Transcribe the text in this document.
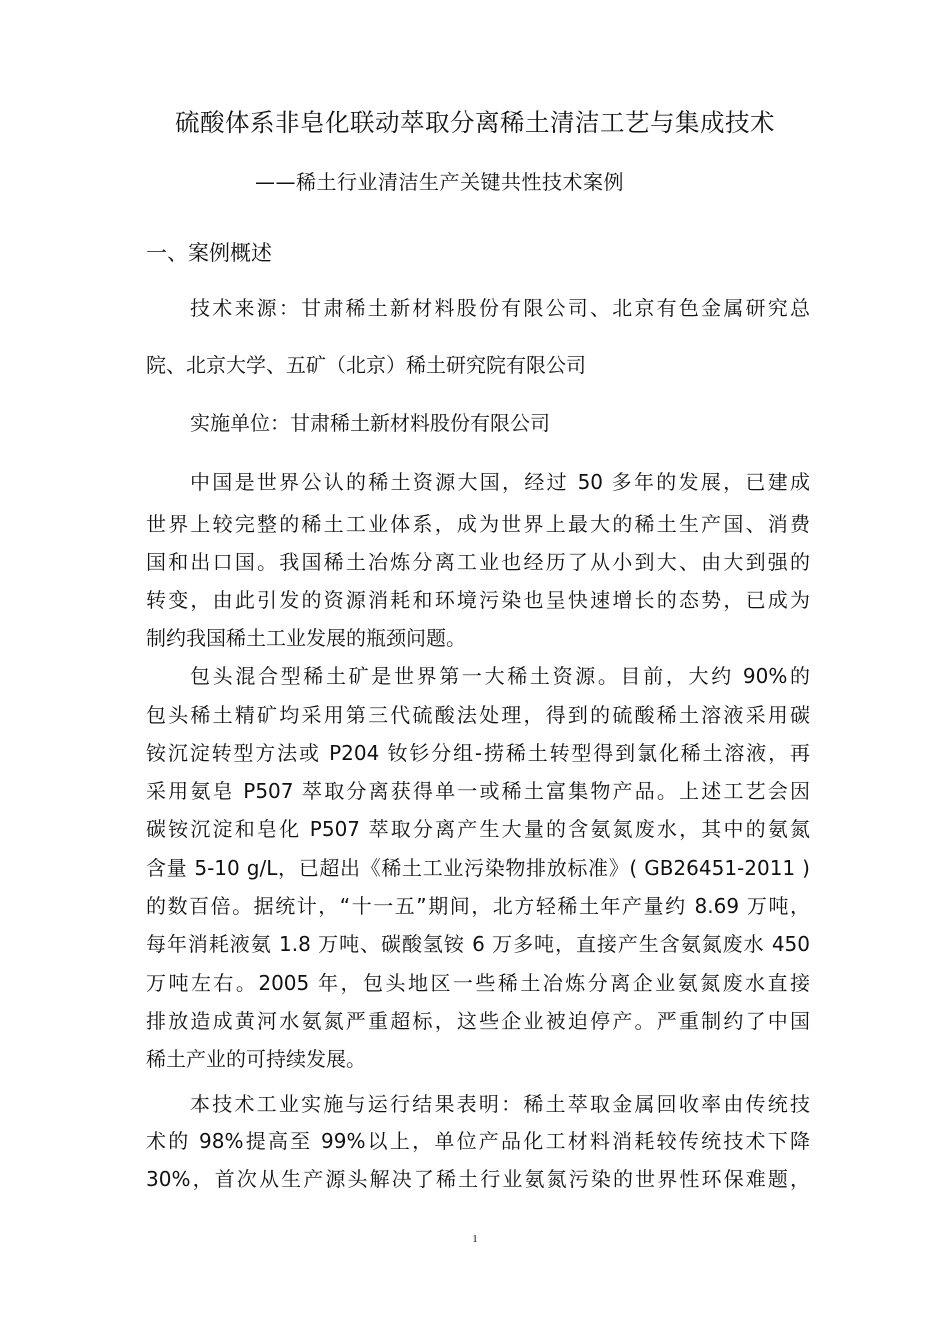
硫酸体系非皂化联动萃取分离稀土清洁工艺与集成技术
——稀土行业清洁生产关键共性技术案例
一、案例概述
技术来源：甘肃稀土新材料股份有限公司、北京有色金属研究总
院、北京大学、五矿（北京）稀土研究院有限公司
实施单位：甘肃稀土新材料股份有限公司
中国是世界公认的稀土资源大国，经过 50 多年的发展，已建成
世界上较完整的稀土工业体系，成为世界上最大的稀土生产国、消费
国和出口国。我国稀土冶炼分离工业也经历了从小到大、由大到强的
转变，由此引发的资源消耗和环境污染也呈快速增长的态势，已成为
制约我国稀土工业发展的瓶颈问题。
包头混合型稀土矿是世界第一大稀土资源。目前，大约 90%的
包头稀土精矿均采用第三代硫酸法处理，得到的硫酸稀土溶液采用碳
铵沉淀转型方法或 P204 钕钐分组-捞稀土转型得到氯化稀土溶液，再
采用氨皂 P507 萃取分离获得单一或稀土富集物产品。上述工艺会因
碳铵沉淀和皂化 P507 萃取分离产生大量的含氨氮废水，其中的氨氮
含量 5-10 g/L，已超出《稀土工业污染物排放标准》( GB26451-2011 )
的数百倍。据统计，“十一五”期间，北方轻稀土年产量约 8.69 万吨，
每年消耗液氨 1.8 万吨、碳酸氢铵 6 万多吨，直接产生含氨氮废水 450
万吨左右。2005 年，包头地区一些稀土冶炼分离企业氨氮废水直接
排放造成黄河水氨氮严重超标，这些企业被迫停产。严重制约了中国
稀土产业的可持续发展。
本技术工业实施与运行结果表明：稀土萃取金属回收率由传统技
术的 98%提高至 99%以上，单位产品化工材料消耗较传统技术下降
30%，首次从生产源头解决了稀土行业氨氮污染的世界性环保难题，
1
